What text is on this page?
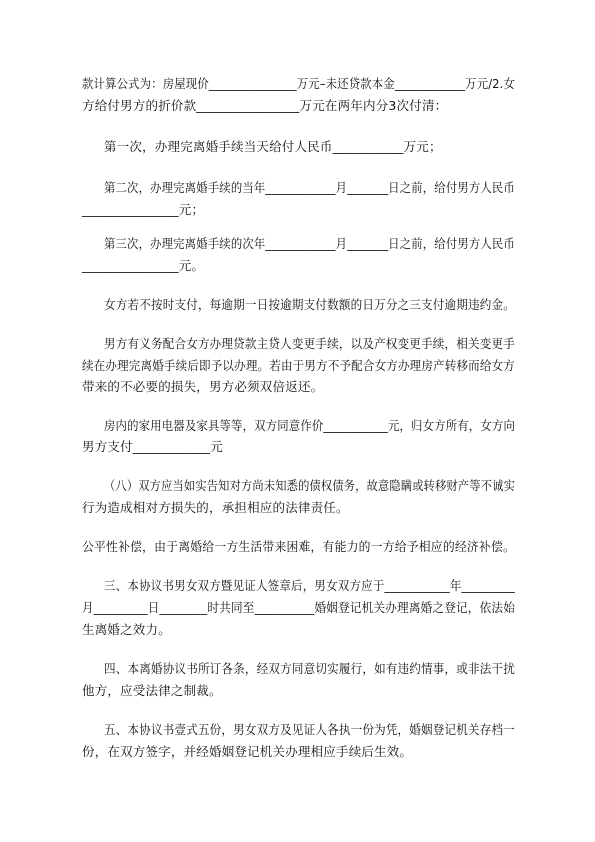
款计算公式为：房屋现价_______________万元–未还贷款本金____________万元/2.女
方给付男方的折价款________________万元在两年内分3次付清：
第一次，办理完离婚手续当天给付人民币___________万元；
第二次，办理完离婚手续的当年____________月_______日之前，给付男方人民币
_______________元；
第三次，办理完离婚手续的次年____________月_______日之前，给付男方人民币
_______________元。
女方若不按时支付，每逾期一日按逾期支付数额的日万分之三支付逾期违约金。
男方有义务配合女方办理贷款主贷人变更手续，以及产权变更手续，相关变更手
续在办理完离婚手续后即予以办理。若由于男方不予配合女方办理房产转移而给女方
带来的不必要的损失，男方必须双倍返还。
房内的家用电器及家具等等，双方同意作价___________元，归女方所有，女方向
男方支付____________元
（八）双方应当如实告知对方尚未知悉的债权债务，故意隐瞒或转移财产等不诚实
行为造成相对方损失的，承担相应的法律责任。
公平性补偿，由于离婚给一方生活带来困难，有能力的一方给予相应的经济补偿。
三、本协议书男女双方暨见证人签章后，男女双方应于___________年_________
月_________日________时共同至__________婚姻登记机关办理离婚之登记，依法始
生离婚之效力。
四、本离婚协议书所订各条，经双方同意切实履行，如有违约情事，或非法干扰
他方，应受法律之制裁。
五、本协议书壹式五份，男女双方及见证人各执一份为凭，婚姻登记机关存档一
份，在双方签字，并经婚姻登记机关办理相应手续后生效。
